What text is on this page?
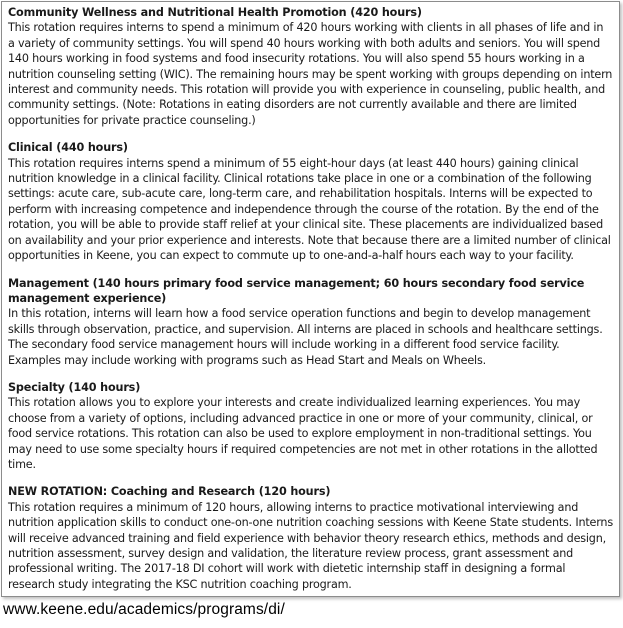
Community Wellness and Nutritional Health Promotion (420 hours)
This rotation requires interns to spend a minimum of 420 hours working with clients in all phases of life and in a variety of community settings. You will spend 40 hours working with both adults and seniors. You will spend 140 hours working in food systems and food insecurity rotations. You will also spend 55 hours working in a nutrition counseling setting (WIC). The remaining hours may be spent working with groups depending on intern interest and community needs. This rotation will provide you with experience in counseling, public health, and community settings. (Note: Rotations in eating disorders are not currently available and there are limited opportunities for private practice counseling.)
Clinical (440 hours)
This rotation requires interns spend a minimum of 55 eight-hour days (at least 440 hours) gaining clinical nutrition knowledge in a clinical facility. Clinical rotations take place in one or a combination of the following settings: acute care, sub-acute care, long-term care, and rehabilitation hospitals. Interns will be expected to perform with increasing competence and independence through the course of the rotation. By the end of the rotation, you will be able to provide staff relief at your clinical site. These placements are individualized based on availability and your prior experience and interests. Note that because there are a limited number of clinical opportunities in Keene, you can expect to commute up to one-and-a-half hours each way to your facility.
Management (140 hours primary food service management; 60 hours secondary food service management experience)
In this rotation, interns will learn how a food service operation functions and begin to develop management skills through observation, practice, and supervision. All interns are placed in schools and healthcare settings. The secondary food service management hours will include working in a different food service facility. Examples may include working with programs such as Head Start and Meals on Wheels.
Specialty (140 hours)
This rotation allows you to explore your interests and create individualized learning experiences. You may choose from a variety of options, including advanced practice in one or more of your community, clinical, or food service rotations. This rotation can also be used to explore employment in non-traditional settings. You may need to use some specialty hours if required competencies are not met in other rotations in the allotted time.
NEW ROTATION: Coaching and Research (120 hours)
This rotation requires a minimum of 120 hours, allowing interns to practice motivational interviewing and nutrition application skills to conduct one-on-one nutrition coaching sessions with Keene State students. Interns will receive advanced training and field experience with behavior theory research ethics, methods and design, nutrition assessment, survey design and validation, the literature review process, grant assessment and professional writing. The 2017-18 DI cohort will work with dietetic internship staff in designing a formal research study integrating the KSC nutrition coaching program.
www.keene.edu/academics/programs/di/
